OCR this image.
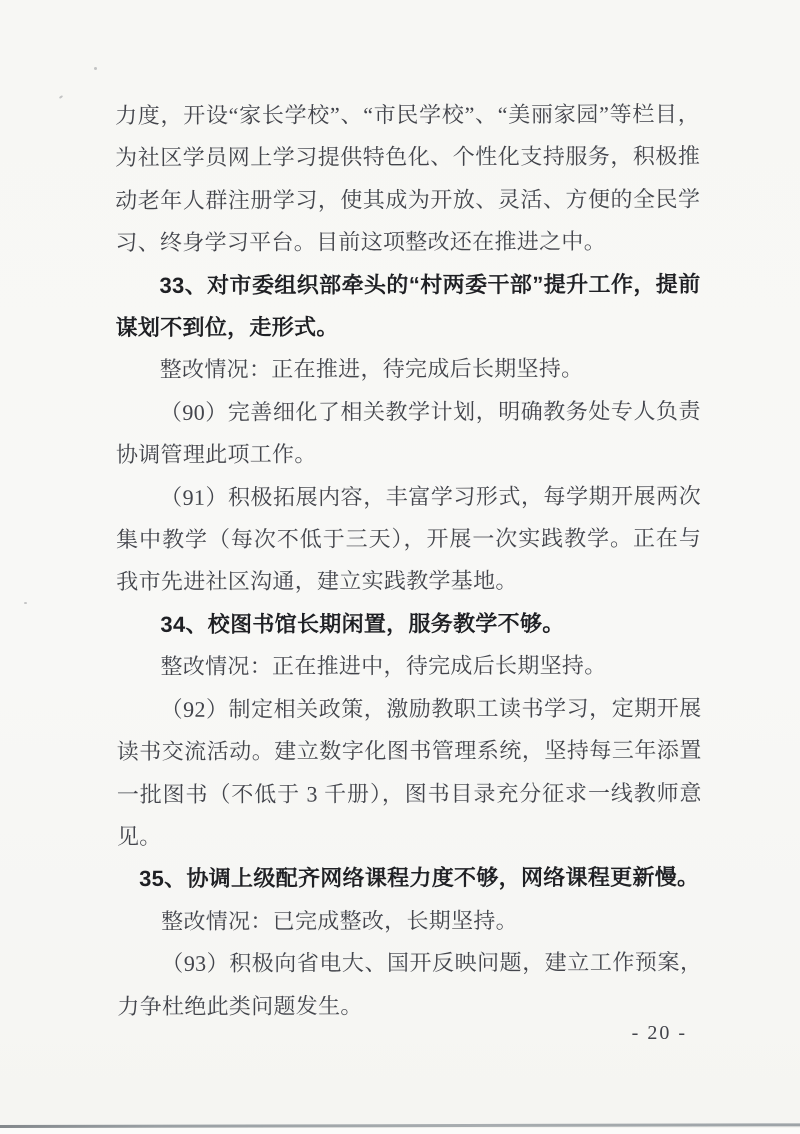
力度，开设“家长学校”、“市民学校”、“美丽家园”等栏目，为社区学员网上学习提供特色化、个性化支持服务，积极推动老年人群注册学习，使其成为开放、灵活、方便的全民学习、终身学习平台。目前这项整改还在推进之中。

33、对市委组织部牵头的“村两委干部”提升工作，提前谋划不到位，走形式。

整改情况：正在推进，待完成后长期坚持。

（90）完善细化了相关教学计划，明确教务处专人负责协调管理此项工作。

（91）积极拓展内容，丰富学习形式，每学期开展两次集中教学（每次不低于三天），开展一次实践教学。正在与我市先进社区沟通，建立实践教学基地。

34、校图书馆长期闲置，服务教学不够。

整改情况：正在推进中，待完成后长期坚持。

（92）制定相关政策，激励教职工读书学习，定期开展读书交流活动。建立数字化图书管理系统，坚持每三年添置一批图书（不低于 3 千册），图书目录充分征求一线教师意见。

35、协调上级配齐网络课程力度不够，网络课程更新慢。

整改情况：已完成整改，长期坚持。

（93）积极向省电大、国开反映问题，建立工作预案，力争杜绝此类问题发生。

- 20 -
